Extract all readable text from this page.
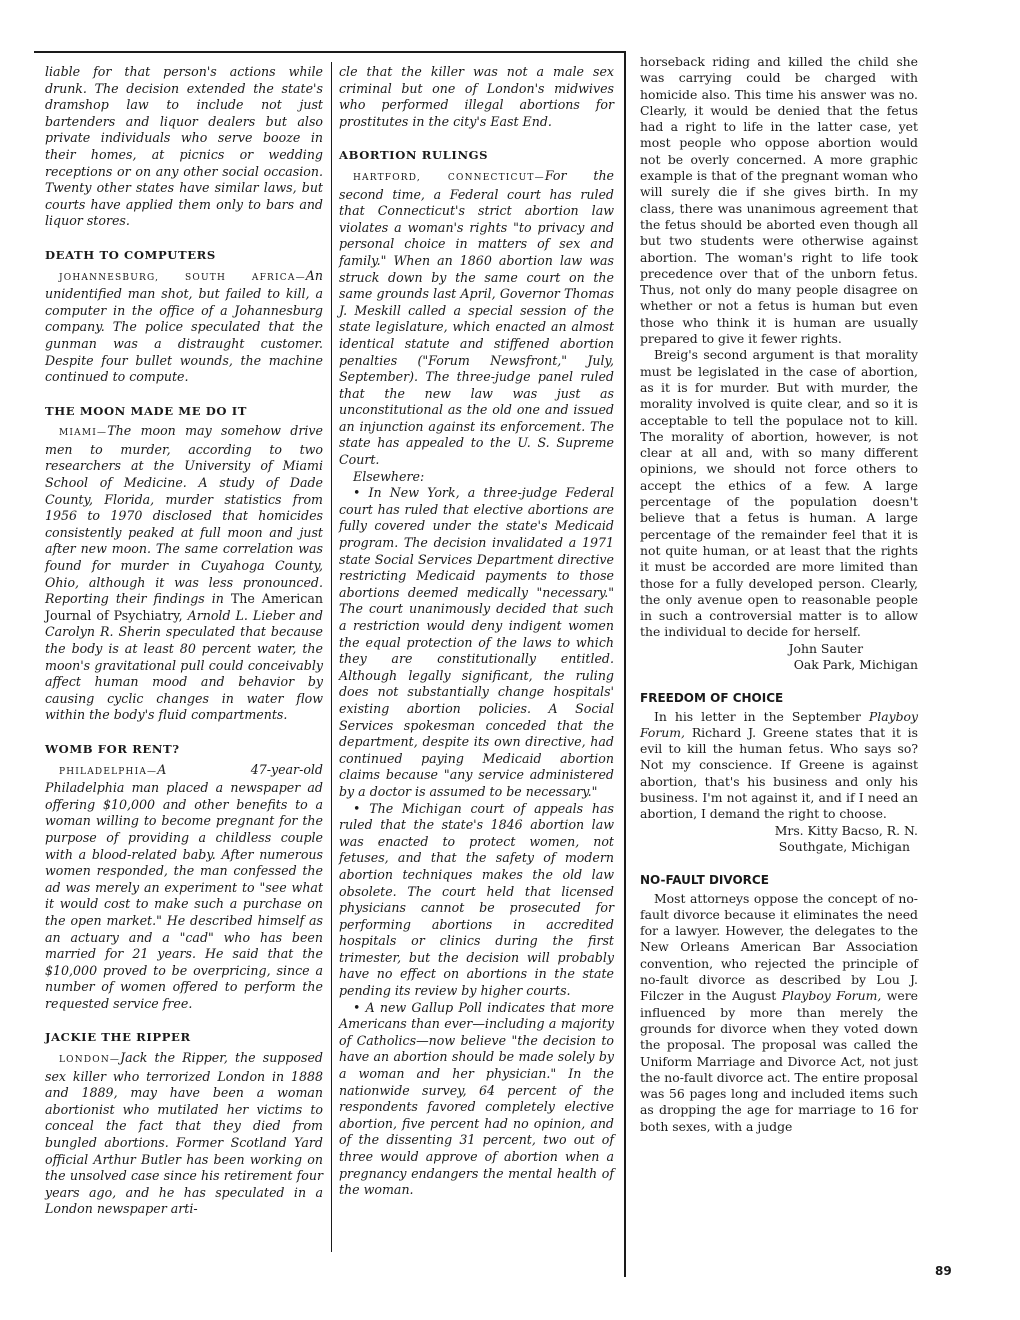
liable for that person's actions while drunk. The decision extended the state's dramshop law to include not just bartenders and liquor dealers but also private individuals who serve booze in their homes, at picnics or wedding receptions or on any other social occasion. Twenty other states have similar laws, but courts have applied them only to bars and liquor stores.

DEATH TO COMPUTERS

JOHANNESBURG, SOUTH AFRICA—An unidentified man shot, but failed to kill, a computer in the office of a Johannesburg company. The police speculated that the gunman was a distraught customer. Despite four bullet wounds, the machine continued to compute.

THE MOON MADE ME DO IT

MIAMI—The moon may somehow drive men to murder, according to two researchers at the University of Miami School of Medicine. A study of Dade County, Florida, murder statistics from 1956 to 1970 disclosed that homicides consistently peaked at full moon and just after new moon. The same correlation was found for murder in Cuyahoga County, Ohio, although it was less pronounced. Reporting their findings in The American Journal of Psychiatry, Arnold L. Lieber and Carolyn R. Sherin speculated that because the body is at least 80 percent water, the moon's gravitational pull could conceivably affect human mood and behavior by causing cyclic changes in water flow within the body's fluid compartments.

WOMB FOR RENT?

PHILADELPHIA—A 47-year-old Philadelphia man placed a newspaper ad offering $10,000 and other benefits to a woman willing to become pregnant for the purpose of providing a childless couple with a blood-related baby. After numerous women responded, the man confessed the ad was merely an experiment to "see what it would cost to make such a purchase on the open market." He described himself as an actuary and a "cad" who has been married for 21 years. He said that the $10,000 proved to be overpricing, since a number of women offered to perform the requested service free.

JACKIE THE RIPPER

LONDON—Jack the Ripper, the supposed sex killer who terrorized London in 1888 and 1889, may have been a woman abortionist who mutilated her victims to conceal the fact that they died from bungled abortions. Former Scotland Yard official Arthur Butler has been working on the unsolved case since his retirement four years ago, and he has speculated in a London newspaper arti-

cle that the killer was not a male sex criminal but one of London's midwives who performed illegal abortions for prostitutes in the city's East End.

ABORTION RULINGS

HARTFORD, CONNECTICUT—For the second time, a Federal court has ruled that Connecticut's strict abortion law violates a woman's rights "to privacy and personal choice in matters of sex and family." When an 1860 abortion law was struck down by the same court on the same grounds last April, Governor Thomas J. Meskill called a special session of the state legislature, which enacted an almost identical statute and stiffened abortion penalties ("Forum Newsfront," July, September). The three-judge panel ruled that the new law was just as unconstitutional as the old one and issued an injunction against its enforcement. The state has appealed to the U. S. Supreme Court.

Elsewhere:

• In New York, a three-judge Federal court has ruled that elective abortions are fully covered under the state's Medicaid program. The decision invalidated a 1971 state Social Services Department directive restricting Medicaid payments to those abortions deemed medically "necessary." The court unanimously decided that such a restriction would deny indigent women the equal protection of the laws to which they are constitutionally entitled. Although legally significant, the ruling does not substantially change hospitals' existing abortion policies. A Social Services spokesman conceded that the department, despite its own directive, had continued paying Medicaid abortion claims because "any service administered by a doctor is assumed to be necessary."

• The Michigan court of appeals has ruled that the state's 1846 abortion law was enacted to protect women, not fetuses, and that the safety of modern abortion techniques makes the old law obsolete. The court held that licensed physicians cannot be prosecuted for performing abortions in accredited hospitals or clinics during the first trimester, but the decision will probably have no effect on abortions in the state pending its review by higher courts.

• A new Gallup Poll indicates that more Americans than ever—including a majority of Catholics—now believe "the decision to have an abortion should be made solely by a woman and her physician." In the nationwide survey, 64 percent of the respondents favored completely elective abortion, five percent had no opinion, and of the dissenting 31 percent, two out of three would approve of abortion when a pregnancy endangers the mental health of the woman.

horseback riding and killed the child she was carrying could be charged with homicide also. This time his answer was no. Clearly, it would be denied that the fetus had a right to life in the latter case, yet most people who oppose abortion would not be overly concerned. A more graphic example is that of the pregnant woman who will surely die if she gives birth. In my class, there was unanimous agreement that the fetus should be aborted even though all but two students were otherwise against abortion. The woman's right to life took precedence over that of the unborn fetus. Thus, not only do many people disagree on whether or not a fetus is human but even those who think it is human are usually prepared to give it fewer rights.

Breig's second argument is that morality must be legislated in the case of abortion, as it is for murder. But with murder, the morality involved is quite clear, and so it is acceptable to tell the populace not to kill. The morality of abortion, however, is not clear at all and, with so many different opinions, we should not force others to accept the ethics of a few. A large percentage of the population doesn't believe that a fetus is human. A large percentage of the remainder feel that it is not quite human, or at least that the rights it must be accorded are more limited than those for a fully developed person. Clearly, the only avenue open to reasonable people in such a controversial matter is to allow the individual to decide for herself.

John Sauter
Oak Park, Michigan
FREEDOM OF CHOICE

In his letter in the September Playboy Forum, Richard J. Greene states that it is evil to kill the human fetus. Who says so? Not my conscience. If Greene is against abortion, that's his business and only his business. I'm not against it, and if I need an abortion, I demand the right to choose.

Mrs. Kitty Bacso, R. N.
Southgate, Michigan
NO-FAULT DIVORCE

Most attorneys oppose the concept of no-fault divorce because it eliminates the need for a lawyer. However, the delegates to the New Orleans American Bar Association convention, who rejected the principle of no-fault divorce as described by Lou J. Filczer in the August Playboy Forum, were influenced by more than merely the grounds for divorce when they voted down the proposal. The proposal was called the Uniform Marriage and Divorce Act, not just the no-fault divorce act. The entire proposal was 56 pages long and included items such as dropping the age for marriage to 16 for both sexes, with a judge

89
